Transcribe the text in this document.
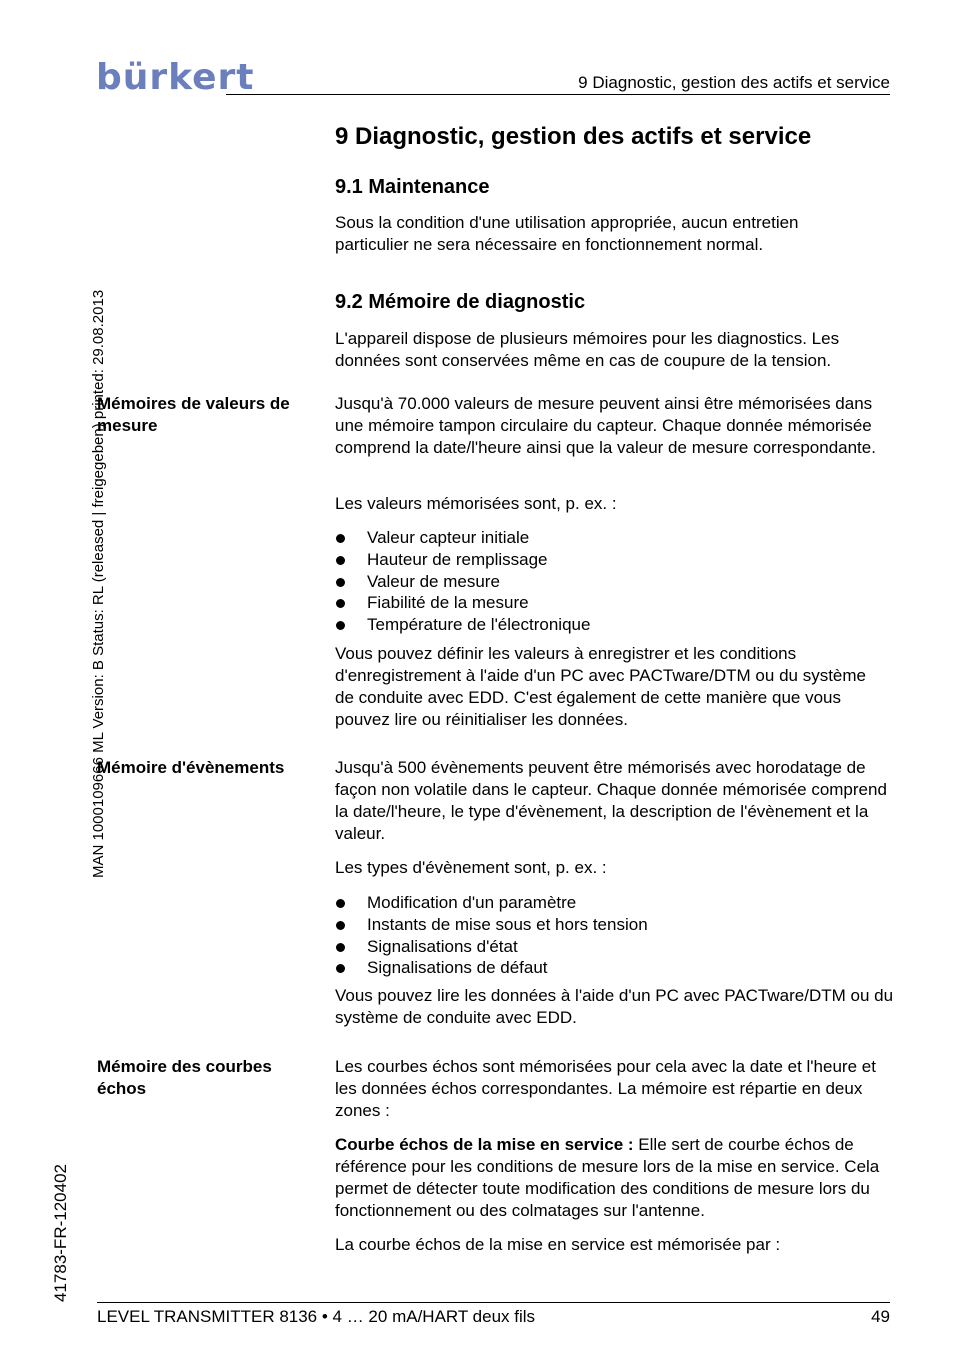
bürkert	9 Diagnostic, gestion des actifs et service
MAN 1000109666 ML Version: B Status: RL (released | freigegeben) printed: 29.08.2013
41783-FR-120402
9 Diagnostic, gestion des actifs et service
9.1 Maintenance
Sous la condition d'une utilisation appropriée, aucun entretien particulier ne sera nécessaire en fonctionnement normal.
9.2 Mémoire de diagnostic
L'appareil dispose de plusieurs mémoires pour les diagnostics. Les données sont conservées même en cas de coupure de la tension.
Mémoires de valeurs de mesure
Jusqu'à 70.000 valeurs de mesure peuvent ainsi être mémorisées dans une mémoire tampon circulaire du capteur. Chaque donnée mémorisée comprend la date/l'heure ainsi que la valeur de mesure correspondante.
Les valeurs mémorisées sont, p. ex. :
Valeur capteur initiale
Hauteur de remplissage
Valeur de mesure
Fiabilité de la mesure
Température de l'électronique
Vous pouvez définir les valeurs à enregistrer et les conditions d'enregistrement à l'aide d'un PC avec PACTware/DTM ou du système de conduite avec EDD. C'est également de cette manière que vous pouvez lire ou réinitialiser les données.
Mémoire d'évènements	Jusqu'à 500 évènements peuvent être mémorisés avec horodatage de façon non volatile dans le capteur. Chaque donnée mémorisée comprend la date/l'heure, le type d'évènement, la description de l'évènement et la valeur.
Les types d'évènement sont, p. ex. :
Modification d'un paramètre
Instants de mise sous et hors tension
Signalisations d'état
Signalisations de défaut
Vous pouvez lire les données à l'aide d'un PC avec PACTware/DTM ou du système de conduite avec EDD.
Mémoire des courbes échos
Les courbes échos sont mémorisées pour cela avec la date et l'heure et les données échos correspondantes. La mémoire est répartie en deux zones :
Courbe échos de la mise en service : Elle sert de courbe échos de référence pour les conditions de mesure lors de la mise en service. Cela permet de détecter toute modification des conditions de mesure lors du fonctionnement ou des colmatages sur l'antenne.
La courbe échos de la mise en service est mémorisée par :
LEVEL TRANSMITTER 8136 • 4 … 20 mA/HART deux fils	49
